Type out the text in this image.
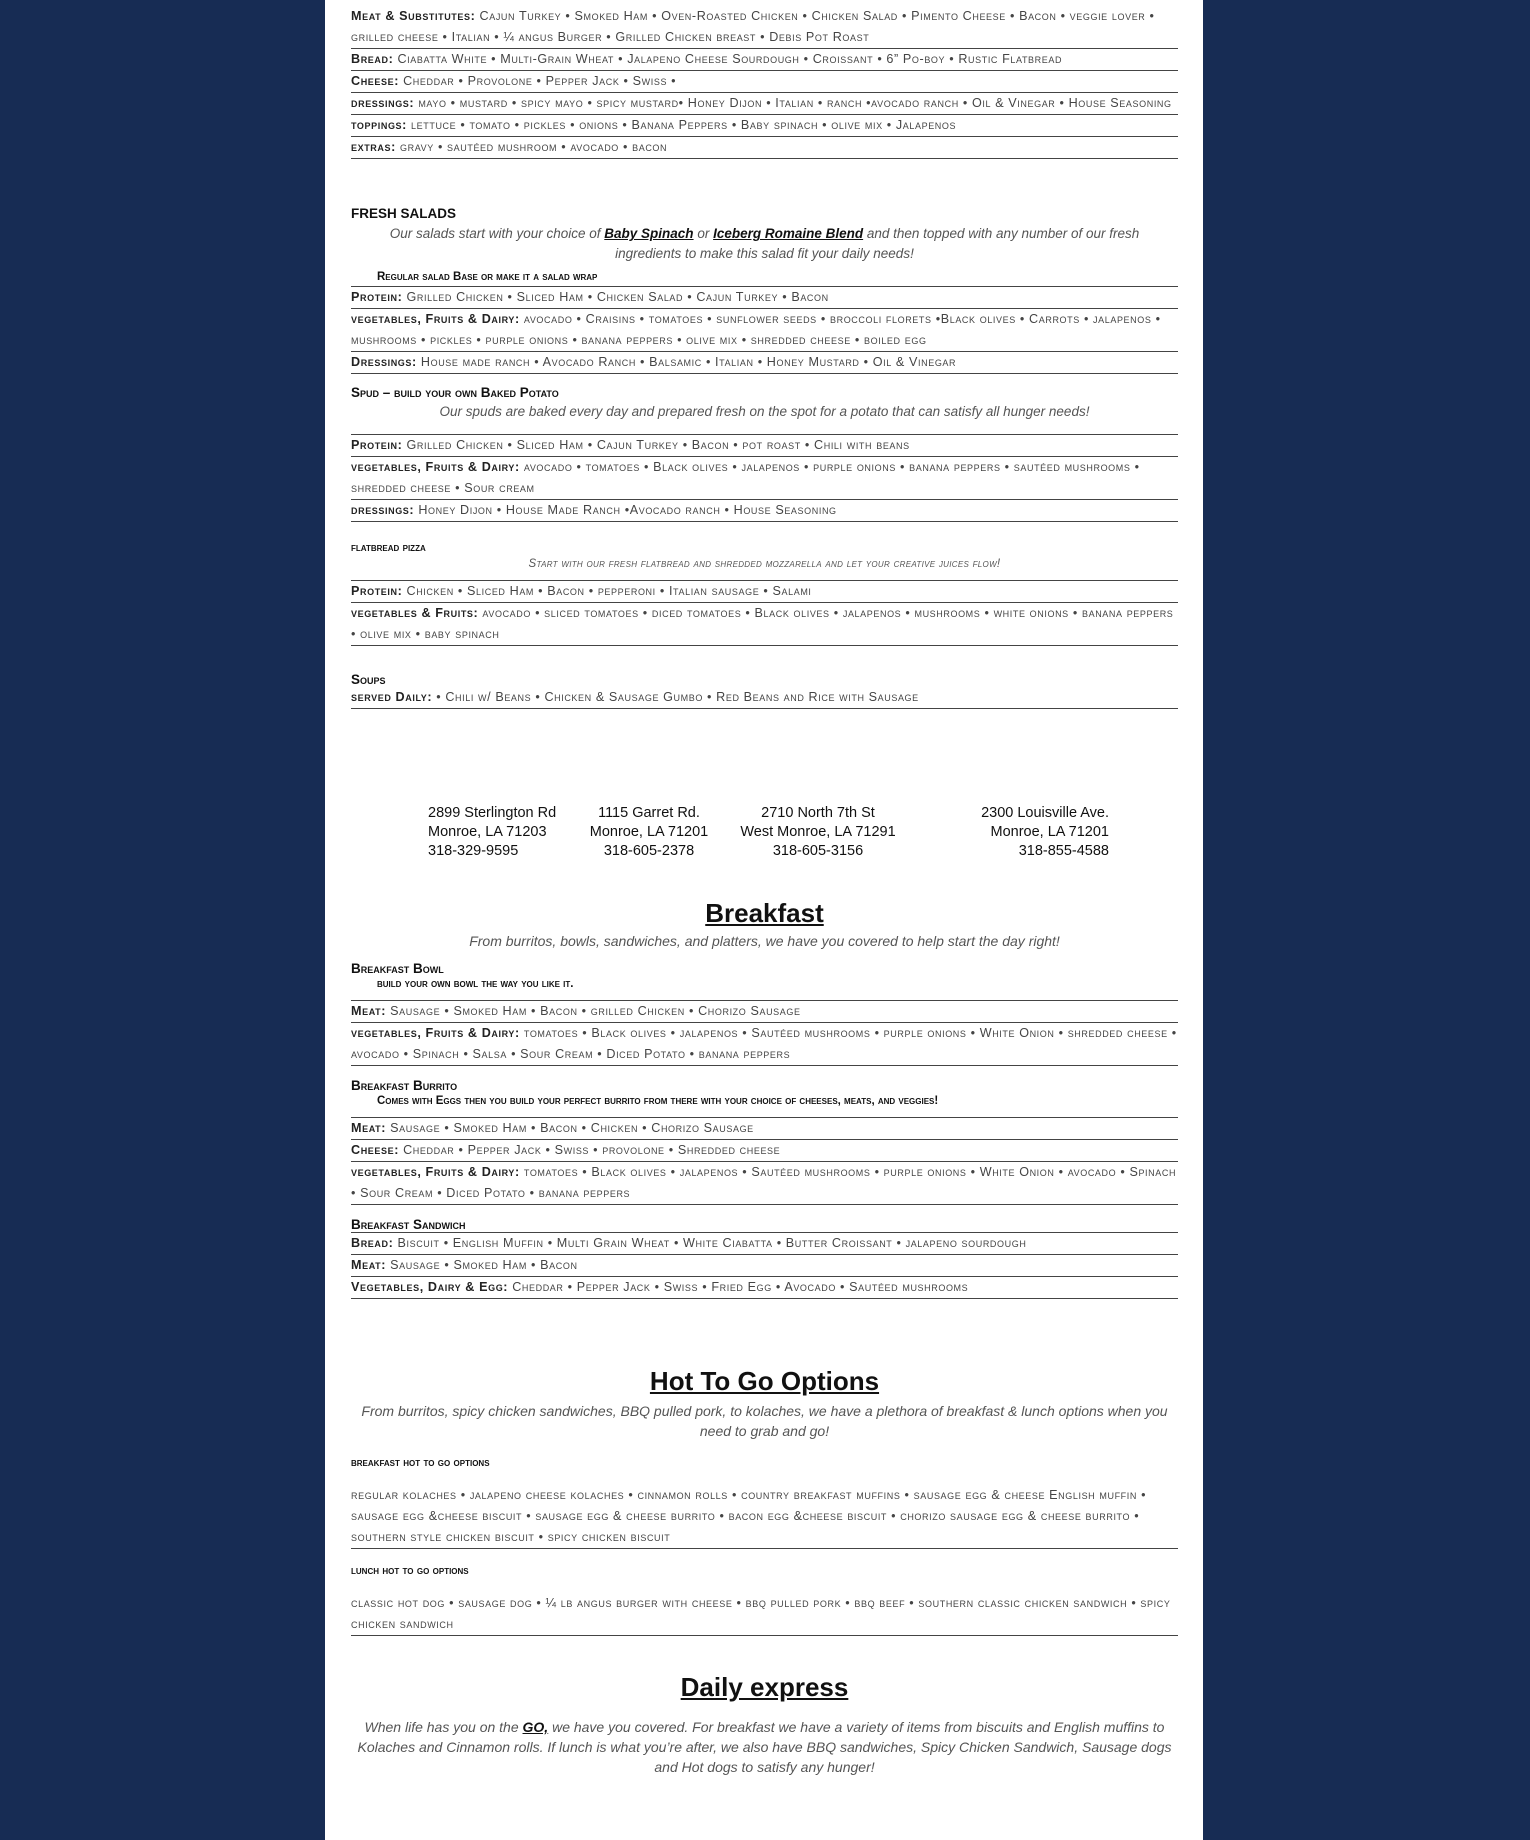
Meat & Substitutes: Cajun Turkey • Smoked Ham • Oven-Roasted Chicken • Chicken Salad • Pimento Cheese • Bacon • veggie lover • grilled cheese • Italian • ¼ angus Burger • Grilled Chicken breast • Debis Pot Roast
Bread: Ciabatta White • Multi-Grain Wheat • Jalapeno Cheese Sourdough • Croissant • 6” Po-boy • Rustic Flatbread
Cheese: Cheddar • Provolone • Pepper Jack • Swiss •
dressings: mayo • mustard • spicy mayo • spicy mustard• Honey Dijon • Italian • ranch •avocado ranch • Oil & Vinegar • House Seasoning
toppings: lettuce • tomato • pickles • onions • Banana Peppers • Baby spinach • olive mix • Jalapenos
extras: gravy • sautéed mushroom • avocado • bacon
FRESH SALADS
Our salads start with your choice of Baby Spinach or Iceberg Romaine Blend and then topped with any number of our fresh ingredients to make this salad fit your daily needs!
Regular salad Base or make it a salad wrap
Protein: Grilled Chicken • Sliced Ham • Chicken Salad • Cajun Turkey • Bacon
vegetables, Fruits & Dairy: avocado • Craisins • tomatoes • sunflower seeds • broccoli florets •Black olives • Carrots • jalapenos • mushrooms • pickles • purple onions • banana peppers • olive mix • shredded cheese • boiled egg
Dressings: House made ranch • Avocado Ranch • Balsamic • Italian • Honey Mustard • Oil & Vinegar
Spud – build your own Baked Potato
Our spuds are baked every day and prepared fresh on the spot for a potato that can satisfy all hunger needs!
Protein: Grilled Chicken • Sliced Ham • Cajun Turkey • Bacon • pot roast • Chili with beans
vegetables, Fruits & Dairy: avocado • tomatoes • Black olives • jalapenos • purple onions • banana peppers • sautéed mushrooms • shredded cheese • Sour cream
dressings: Honey Dijon • House Made Ranch •Avocado ranch • House Seasoning
flatbread pizza
Start with our fresh flatbread and shredded mozzarella and let your creative juices flow!
Protein: Chicken • Sliced Ham • Bacon • pepperoni • Italian sausage • Salami
vegetables & Fruits: avocado • sliced tomatoes • diced tomatoes • Black olives • jalapenos • mushrooms • white onions • banana peppers • olive mix • baby spinach
Soups
served Daily: • Chili w/ Beans • Chicken & Sausage Gumbo • Red Beans and Rice with Sausage
2899 Sterlington Rd
Monroe, LA 71203
318-329-9595
1115 Garret Rd.
Monroe, LA 71201
318-605-2378
2710 North 7th St
West Monroe, LA 71291
318-605-3156
2300 Louisville Ave.
Monroe, LA 71201
318-855-4588
Breakfast
From burritos, bowls, sandwiches, and platters, we have you covered to help start the day right!
Breakfast Bowl
build your own bowl the way you like it.
Meat: Sausage • Smoked Ham • Bacon • grilled Chicken • Chorizo Sausage
vegetables, Fruits & Dairy: tomatoes • Black olives • jalapenos • Sautéed mushrooms • purple onions • White Onion • shredded cheese • avocado • Spinach • Salsa • Sour Cream • Diced Potato • banana peppers
Breakfast Burrito
Comes with Eggs then you build your perfect burrito from there with your choice of cheeses, meats, and veggies!
Meat: Sausage • Smoked Ham • Bacon • Chicken • Chorizo Sausage
Cheese: Cheddar • Pepper Jack • Swiss • provolone • Shredded cheese
vegetables, Fruits & Dairy: tomatoes • Black olives • jalapenos • Sautéed mushrooms • purple onions • White Onion • avocado • Spinach • Sour Cream • Diced Potato • banana peppers
Breakfast Sandwich
Bread: Biscuit • English Muffin • Multi Grain Wheat • White Ciabatta • Butter Croissant • jalapeno sourdough
Meat: Sausage • Smoked Ham • Bacon
Vegetables, Dairy & Egg: Cheddar • Pepper Jack • Swiss • Fried Egg • Avocado • Sautéed mushrooms
Hot To Go Options
From burritos, spicy chicken sandwiches, BBQ pulled pork, to kolaches, we have a plethora of breakfast & lunch options when you need to grab and go!
breakfast hot to go options
regular kolaches • jalapeno cheese kolaches • cinnamon rolls • country breakfast muffins • sausage egg & cheese English muffin • sausage egg &cheese biscuit • sausage egg & cheese burrito • bacon egg &cheese biscuit • chorizo sausage egg & cheese burrito • southern style chicken biscuit • spicy chicken biscuit
lunch hot to go options
classic hot dog • sausage dog • ¼ lb angus burger with cheese • bbq pulled pork • bbq beef • southern classic chicken sandwich • spicy chicken sandwich
Daily express
When life has you on the GO, we have you covered. For breakfast we have a variety of items from biscuits and English muffins to Kolaches and Cinnamon rolls. If lunch is what you’re after, we also have BBQ sandwiches, Spicy Chicken Sandwich, Sausage dogs and Hot dogs to satisfy any hunger!
